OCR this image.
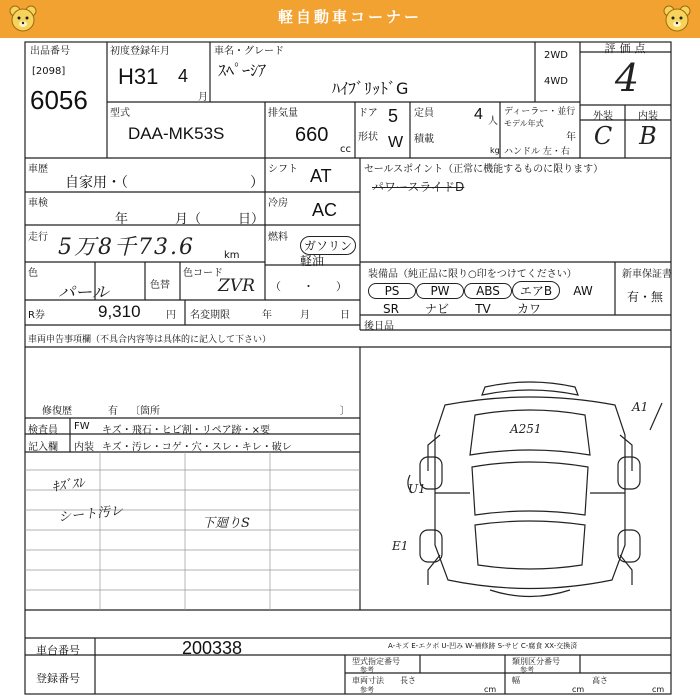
軽自動車コーナー
出品番号
[2098]
6056
初度登録年月
H31 4
月
車名・グレード
ｽﾍﾟｰｼｱ
ﾊｲﾌﾞﾘｯﾄﾞG
2WD
4WD
評価点
4
型式
DAA-MK53S
排気量
660
cc
ドア 5
形状 W
定員	4 人
積載
kg
ディーラー・並行
モデル年式
年
ハンドル 左・右
外装	内装
C	B
車歴
自家用・（	）
シフト AT
車検
年	月（	日）
冷房 AC
走行 5万8千73.6	km
燃料
ガソリン
軽油
（　　・　　）
色
パール	色替
色コード
ZVR
R券	9,310	円 名変期限	年	月	日
セールスポイント（正常に機能するものに限ります）
パワースライドD
装備品（純正品に限り○印をつけてください）	新車保証書
有・無
PS	PW ABS エアB AW
SR ナビ TV カワ
後日品
車両申告事項欄（不具合内容等は具体的に記入して下さい）
修復歴	有 〔箇所	〕
検査員
記入欄
FW キズ・飛石・ヒビ割・リペア跡・×要
内装 キズ・汚レ・コゲ・穴・スレ・キレ・破レ
ｷｽﾞｽﾚ
シート汚レ	下廻りS
A1
A251
U1
E1
車台番号	200338
登録番号
A-キズ E-エクボ U-凹み W-補修跡 S-サビ C-腐食 XX-交換済
型式指定番号
参考
類別区分番号
参考
車両寸法
参考
長さ
cm
幅
cm
高さ
cm
